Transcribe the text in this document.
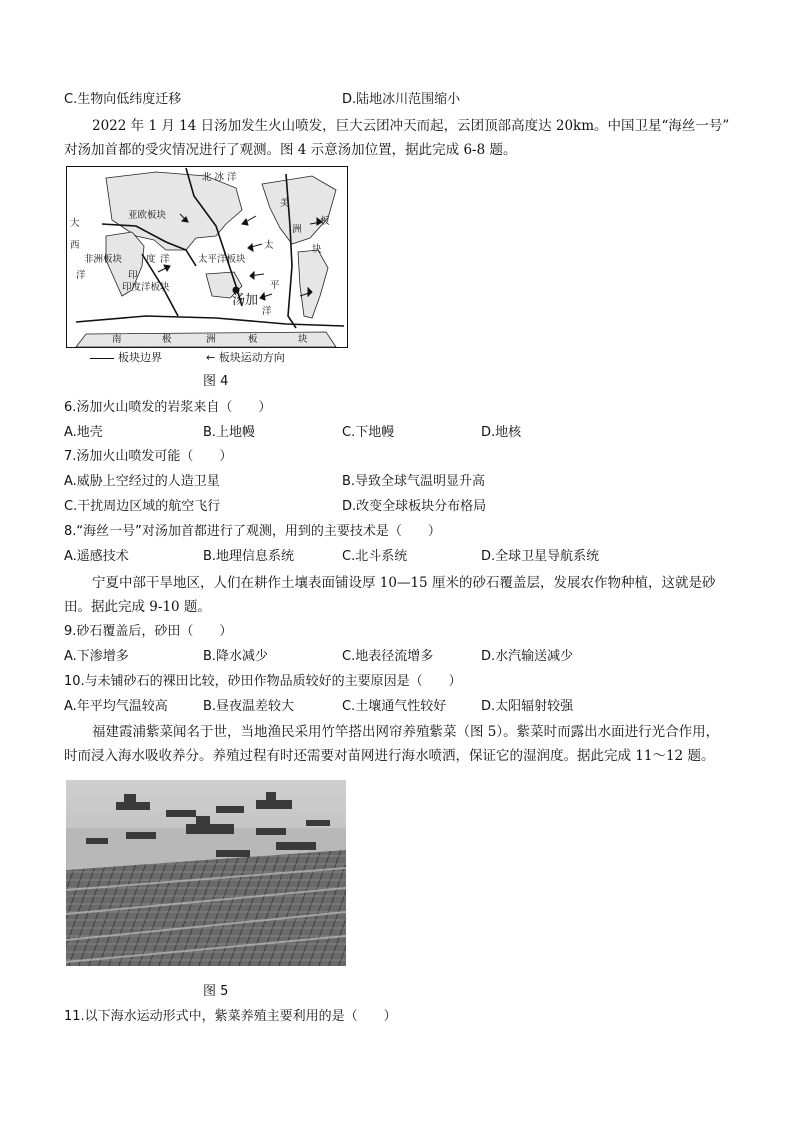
C.生物向低纬度迁移	D.陆地冰川范围缩小
2022 年 1 月 14 日汤加发生火山喷发，巨大云团冲天而起，云团顶部高度达 20km。中国卫星“海丝一号”
对汤加首都的受灾情况进行了观测。图 4 示意汤加位置，据此完成 6-8 题。
北 冰 洋
亚欧板块
美
洲
板
块
大
西
洋
非洲板块
印
度 洋
印度洋板块
太平洋板块
太
平
洋
汤加
南	极	洲	板	块
板块边界	← 板块运动方向
图 4
6.汤加火山喷发的岩浆来自（　　）
A.地壳	B.上地幔	C.下地幔	D.地核
7.汤加火山喷发可能（　　）
A.威胁上空经过的人造卫星	B.导致全球气温明显升高
C.干扰周边区域的航空飞行	D.改变全球板块分布格局
8.“海丝一号”对汤加首都进行了观测，用到的主要技术是（　　）
A.遥感技术	B.地理信息系统	C.北斗系统	D.全球卫星导航系统
宁夏中部干旱地区，人们在耕作土壤表面铺设厚 10—15 厘米的砂石覆盖层，发展农作物种植，这就是砂
田。据此完成 9-10 题。
9.砂石覆盖后，砂田（　　）
A.下渗增多	B.降水减少	C.地表径流增多	D.水汽输送减少
10.与未铺砂石的裸田比较，砂田作物品质较好的主要原因是（　　）
A.年平均气温较高	B.昼夜温差较大	C.土壤通气性较好	D.太阳辐射较强
福建霞浦紫菜闻名于世，当地渔民采用竹竿搭出网帘养殖紫菜（图 5）。紫菜时而露出水面进行光合作用，
时而浸入海水吸收养分。养殖过程有时还需要对苗网进行海水喷洒，保证它的湿润度。据此完成 11～12 题。
图 5
11.以下海水运动形式中，紫菜养殖主要利用的是（　　）
